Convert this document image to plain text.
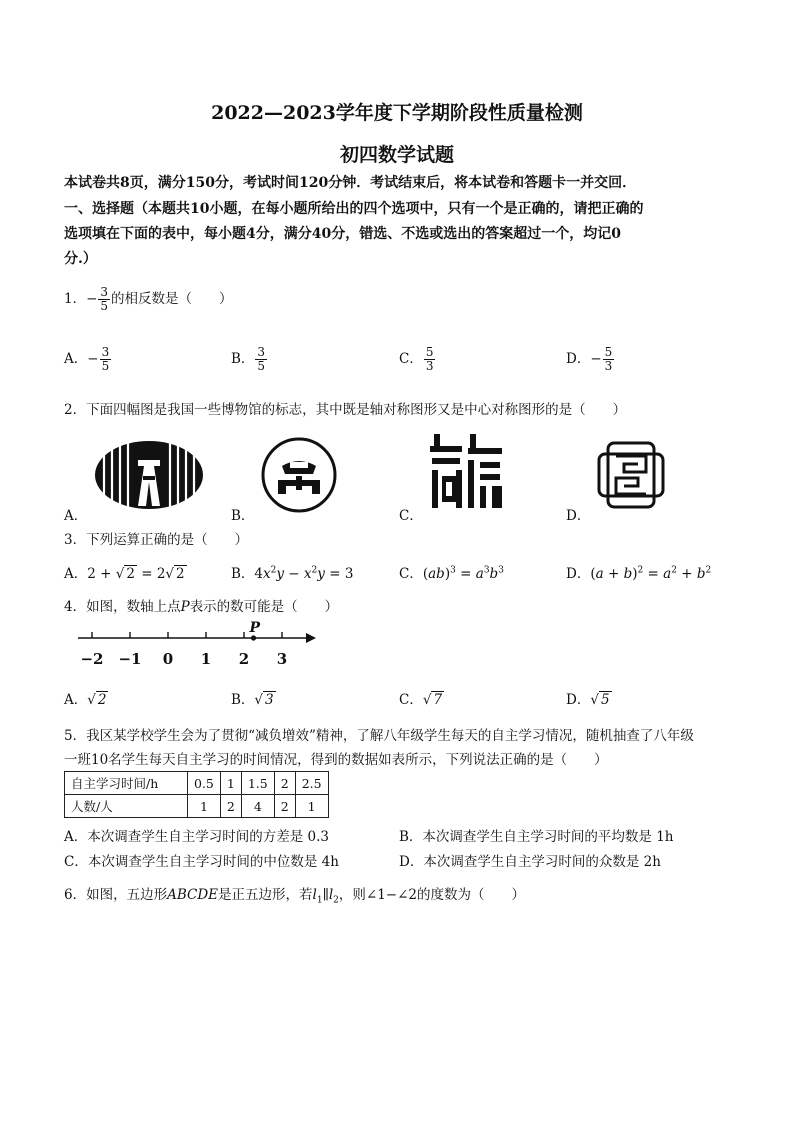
2022—2023学年度下学期阶段性质量检测
初四数学试题
本试卷共8页，满分150分，考试时间120分钟．考试结束后，将本试卷和答题卡一并交回．
一、选择题（本题共10小题，在每小题所给出的四个选项中，只有一个是正确的，请把正确的
选项填在下面的表中，每小题4分，满分40分，错选、不选或选出的答案超过一个，均记0
分.）
1．− $\frac{3}{5}$ 的相反数是（　　）
A．− $\frac{3}{5}$	B． $\frac{3}{5}$	C． $\frac{5}{3}$	D．− $\frac{5}{3}$
2．下面四幅图是我国一些博物馆的标志，其中既是轴对称图形又是中心对称图形的是（　　）
A．	B．	C．	D．
3．下列运算正确的是（　　）
A．2 + √ 2 = 2√ 2	B．$4x^2y - x^2y = 3$	C．$(ab)^3 = a^3b^3$	D．$(a + b)^2 = a^2 + b^2$
4．如图，数轴上点P表示的数可能是（　　）
−2 −1 0 1 2 3
P
A．√ 2	B．√ 3	C．√ 7	D．√ 5
5．我区某学校学生会为了贯彻“减负增效”精神，了解八年级学生每天的自主学习情况，随机抽查了八年级
一班10名学生每天自主学习的时间情况，得到的数据如表所示，下列说法正确的是（　　）
自主学习时间/h	0.5	1	1.5	2	2.5
人数/人	1	2	4	2	1
A．本次调查学生自主学习时间的方差是 0.3	B．本次调查学生自主学习时间的平均数是 1h
C．本次调查学生自主学习时间的中位数是 4h	D．本次调查学生自主学习时间的众数是 2h
6．如图，五边形ABCDE是正五边形，若$l_1\parallel l_2$，则∠1−∠2的度数为（　　）
